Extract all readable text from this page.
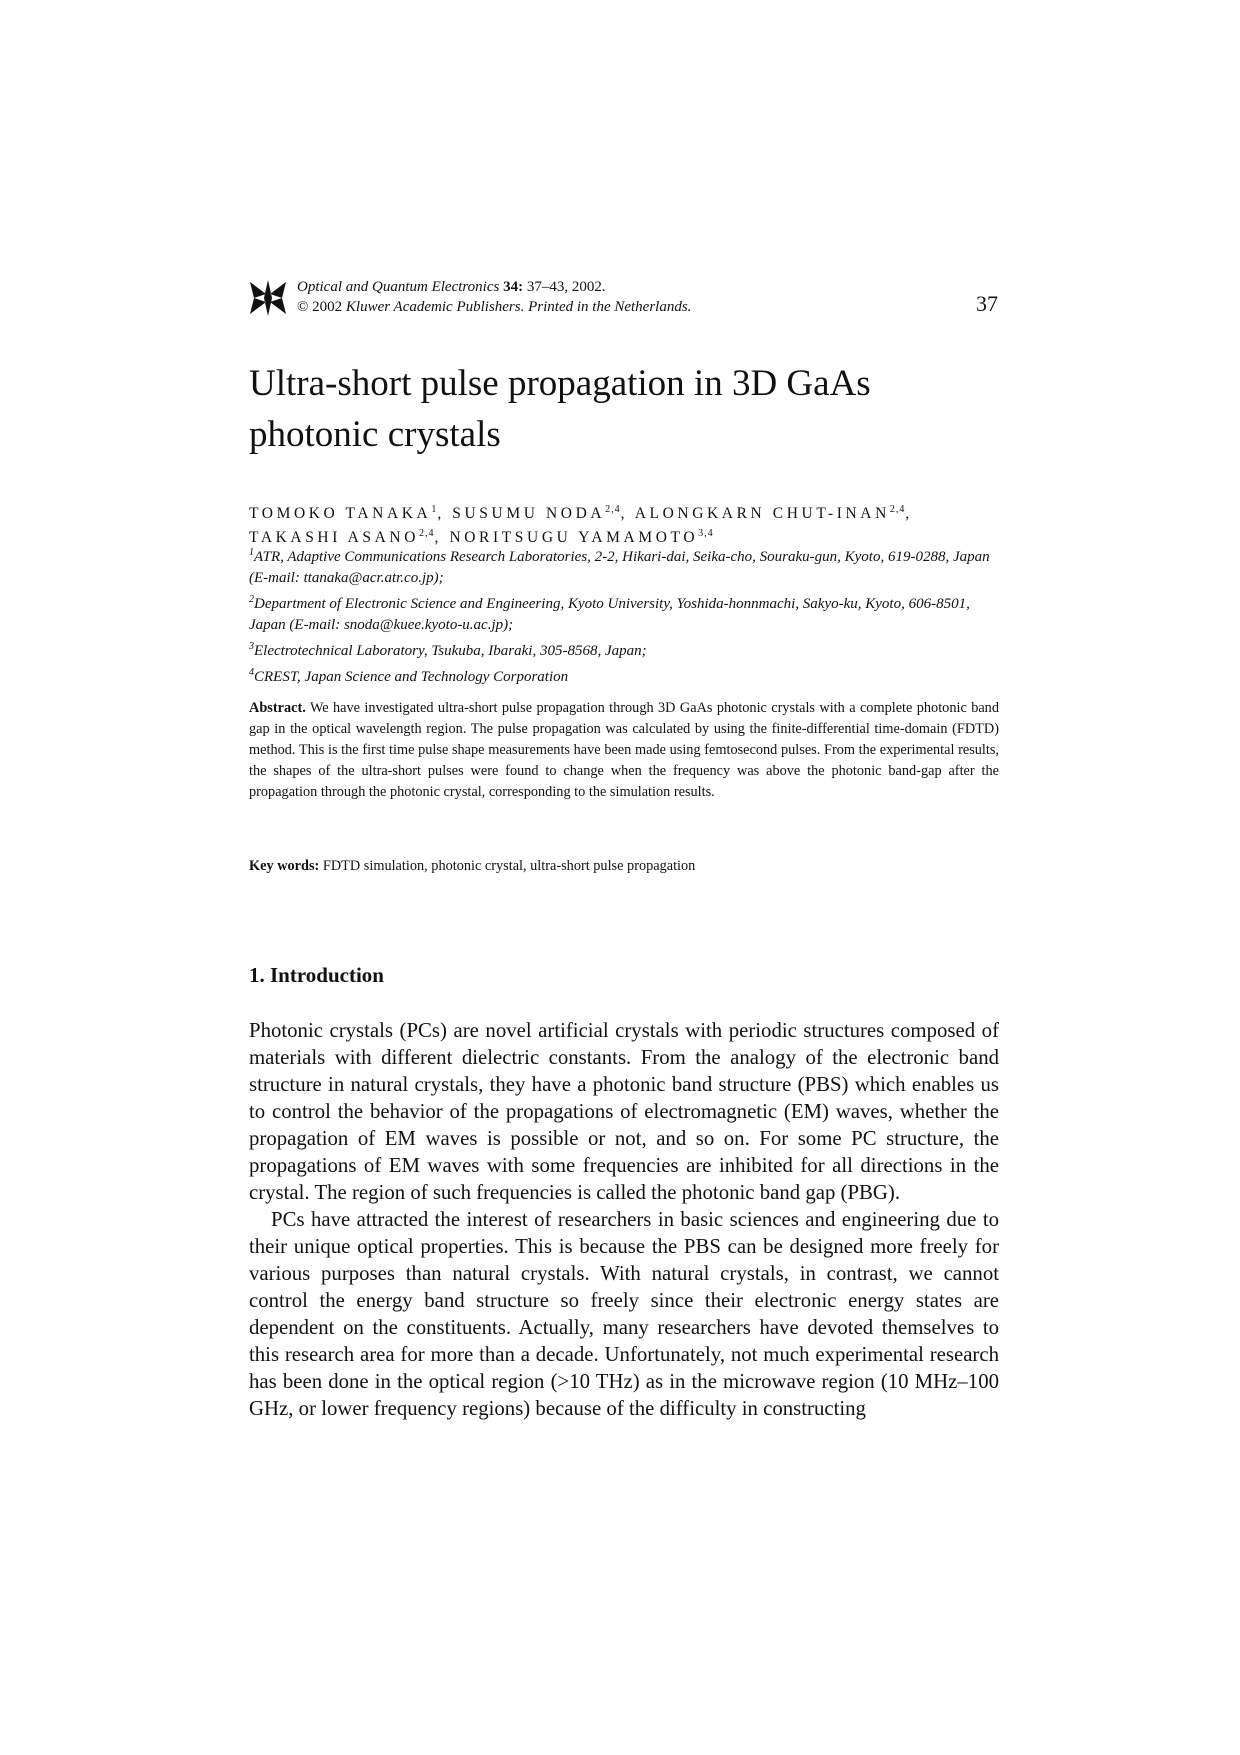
Optical and Quantum Electronics 34: 37–43, 2002.
© 2002 Kluwer Academic Publishers. Printed in the Netherlands.	37
Ultra-short pulse propagation in 3D GaAs photonic crystals
TOMOKO TANAKA$^1$, SUSUMU NODA$^{2,4}$, ALONGKARN CHUT-INAN$^{2,4}$, TAKASHI ASANO$^{2,4}$, NORITSUGU YAMAMOTO$^{3,4}$
$^1$ATR, Adaptive Communications Research Laboratories, 2-2, Hikari-dai, Seika-cho, Souraku-gun, Kyoto, 619-0288, Japan (E-mail: ttanaka@acr.atr.co.jp);
$^2$Department of Electronic Science and Engineering, Kyoto University, Yoshida-honnmachi, Sakyo-ku, Kyoto, 606-8501, Japan (E-mail: snoda@kuee.kyoto-u.ac.jp);
$^3$Electrotechnical Laboratory, Tsukuba, Ibaraki, 305-8568, Japan;
$^4$CREST, Japan Science and Technology Corporation
Abstract. We have investigated ultra-short pulse propagation through 3D GaAs photonic crystals with a complete photonic band gap in the optical wavelength region. The pulse propagation was calculated by using the finite-differential time-domain (FDTD) method. This is the first time pulse shape measurements have been made using femtosecond pulses. From the experimental results, the shapes of the ultra-short pulses were found to change when the frequency was above the photonic band-gap after the propagation through the photonic crystal, corresponding to the simulation results.
Key words: FDTD simulation, photonic crystal, ultra-short pulse propagation
1. Introduction

Photonic crystals (PCs) are novel artificial crystals with periodic structures composed of materials with different dielectric constants. From the analogy of the electronic band structure in natural crystals, they have a photonic band structure (PBS) which enables us to control the behavior of the propagations of electromagnetic (EM) waves, whether the propagation of EM waves is possible or not, and so on. For some PC structure, the propagations of EM waves with some frequencies are inhibited for all directions in the crystal. The region of such frequencies is called the photonic band gap (PBG).

PCs have attracted the interest of researchers in basic sciences and engineering due to their unique optical properties. This is because the PBS can be designed more freely for various purposes than natural crystals. With natural crystals, in contrast, we cannot control the energy band structure so freely since their electronic energy states are dependent on the constituents. Actually, many researchers have devoted themselves to this research area for more than a decade. Unfortunately, not much experimental research has been done in the optical region (>10 THz) as in the microwave region (10 MHz–100 GHz, or lower frequency regions) because of the difficulty in constructing
